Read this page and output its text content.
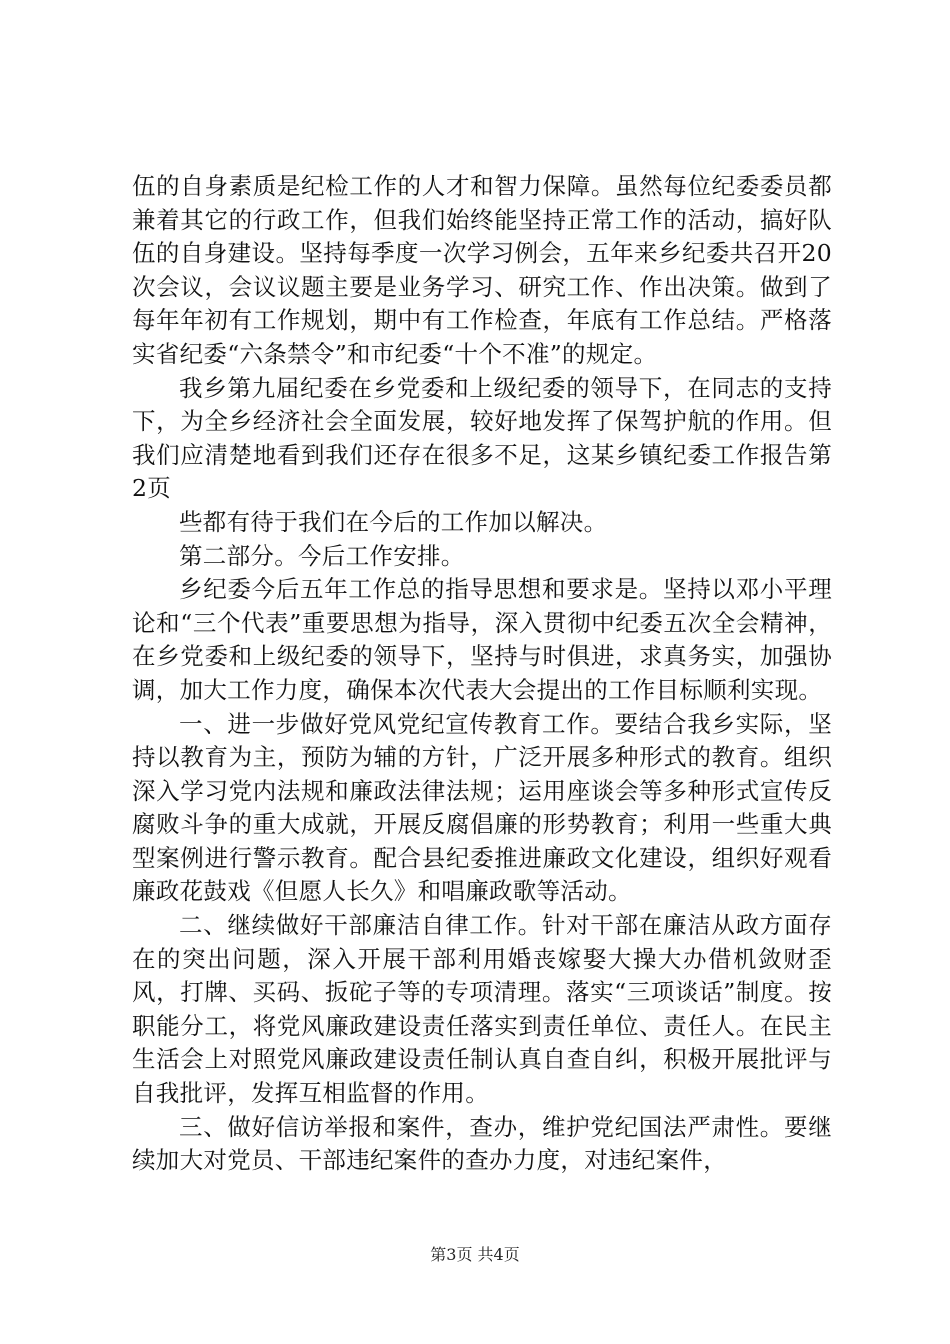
伍的自身素质是纪检工作的人才和智力保障。虽然每位纪委委员都兼着其它的行政工作，但我们始终能坚持正常工作的活动，搞好队伍的自身建设。坚持每季度一次学习例会，五年来乡纪委共召开20次会议，会议议题主要是业务学习、研究工作、作出决策。做到了每年年初有工作规划，期中有工作检查，年底有工作总结。严格落实省纪委“六条禁令”和市纪委“十个不准”的规定。

我乡第九届纪委在乡党委和上级纪委的领导下，在同志的支持下，为全乡经济社会全面发展，较好地发挥了保驾护航的作用。但我们应清楚地看到我们还存在很多不足，这某乡镇纪委工作报告第2页

些都有待于我们在今后的工作加以解决。

第二部分。今后工作安排。

乡纪委今后五年工作总的指导思想和要求是。坚持以邓小平理论和“三个代表”重要思想为指导，深入贯彻中纪委五次全会精神，在乡党委和上级纪委的领导下，坚持与时俱进，求真务实，加强协调，加大工作力度，确保本次代表大会提出的工作目标顺利实现。

一、进一步做好党风党纪宣传教育工作。要结合我乡实际，坚持以教育为主，预防为辅的方针，广泛开展多种形式的教育。组织深入学习党内法规和廉政法律法规；运用座谈会等多种形式宣传反腐败斗争的重大成就，开展反腐倡廉的形势教育；利用一些重大典型案例进行警示教育。配合县纪委推进廉政文化建设，组织好观看廉政花鼓戏《但愿人长久》和唱廉政歌等活动。

二、继续做好干部廉洁自律工作。针对干部在廉洁从政方面存在的突出问题，深入开展干部利用婚丧嫁娶大操大办借机敛财歪风，打牌、买码、扳砣子等的专项清理。落实“三项谈话”制度。按职能分工，将党风廉政建设责任落实到责任单位、责任人。在民主生活会上对照党风廉政建设责任制认真自查自纠，积极开展批评与自我批评，发挥互相监督的作用。

三、做好信访举报和案件，查办，维护党纪国法严肃性。要继续加大对党员、干部违纪案件的查办力度，对违纪案件，

第3页 共4页
